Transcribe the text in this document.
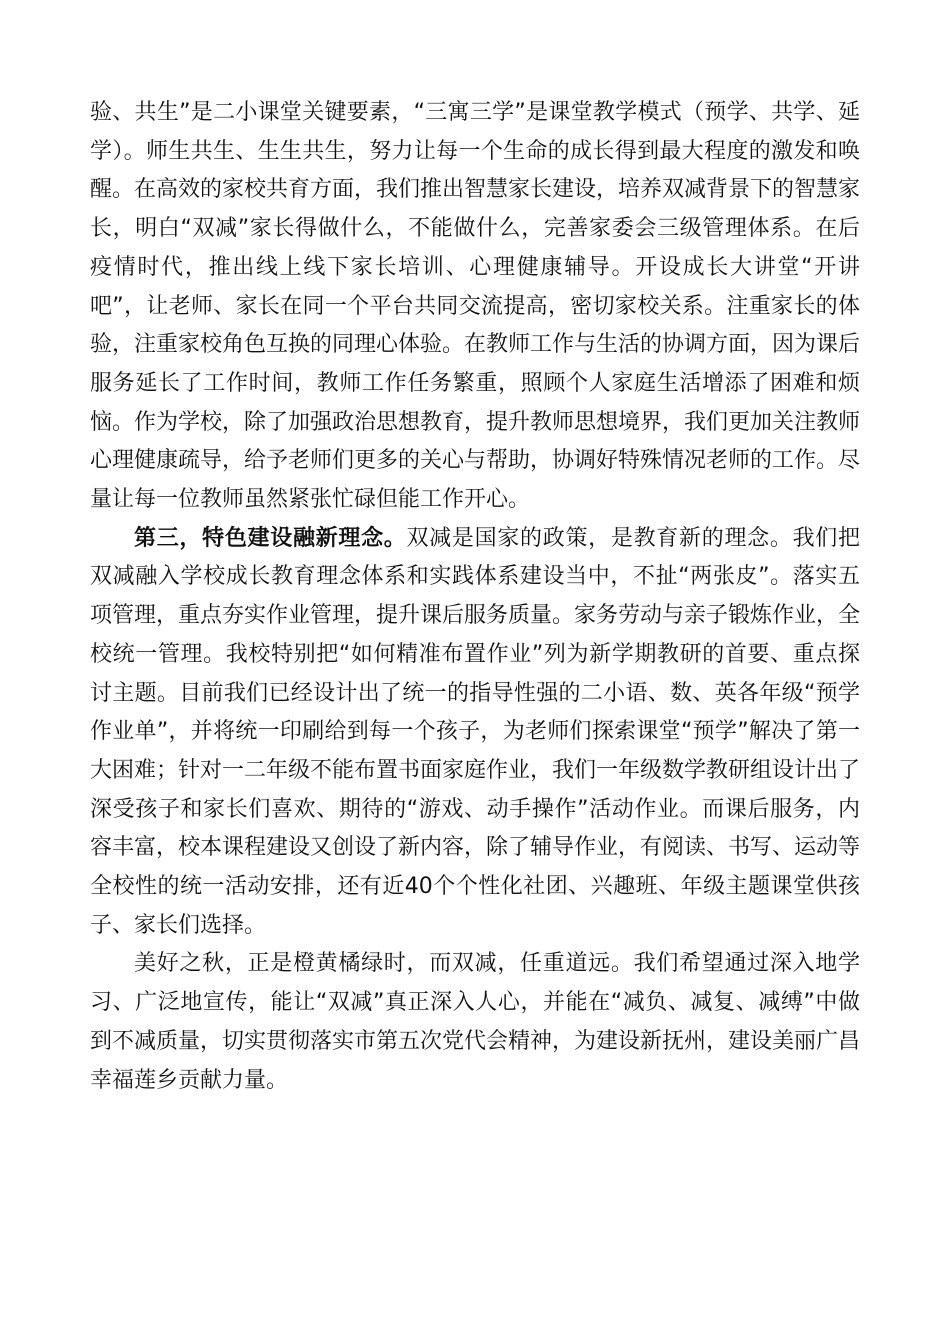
验、共生”是二小课堂关键要素，“三寓三学”是课堂教学模式（预学、共学、延学）。师生共生、生生共生，努力让每一个生命的成长得到最大程度的激发和唤醒。在高效的家校共育方面，我们推出智慧家长建设，培养双减背景下的智慧家长，明白“双减”家长得做什么，不能做什么，完善家委会三级管理体系。在后疫情时代，推出线上线下家长培训、心理健康辅导。开设成长大讲堂“开讲吧”，让老师、家长在同一个平台共同交流提高，密切家校关系。注重家长的体验，注重家校角色互换的同理心体验。在教师工作与生活的协调方面，因为课后服务延长了工作时间，教师工作任务繁重，照顾个人家庭生活增添了困难和烦恼。作为学校，除了加强政治思想教育，提升教师思想境界，我们更加关注教师心理健康疏导，给予老师们更多的关心与帮助，协调好特殊情况老师的工作。尽量让每一位教师虽然紧张忙碌但能工作开心。

第三，特色建设融新理念。双减是国家的政策，是教育新的理念。我们把双减融入学校成长教育理念体系和实践体系建设当中，不扯“两张皮”。落实五项管理，重点夯实作业管理，提升课后服务质量。家务劳动与亲子锻炼作业，全校统一管理。我校特别把“如何精准布置作业”列为新学期教研的首要、重点探讨主题。目前我们已经设计出了统一的指导性强的二小语、数、英各年级“预学作业单”，并将统一印刷给到每一个孩子，为老师们探索课堂“预学”解决了第一大困难；针对一二年级不能布置书面家庭作业，我们一年级数学教研组设计出了深受孩子和家长们喜欢、期待的“游戏、动手操作”活动作业。而课后服务，内容丰富，校本课程建设又创设了新内容，除了辅导作业，有阅读、书写、运动等全校性的统一活动安排，还有近40个个性化社团、兴趣班、年级主题课堂供孩子、家长们选择。

美好之秋，正是橙黄橘绿时，而双减，任重道远。我们希望通过深入地学习、广泛地宣传，能让“双减”真正深入人心，并能在“减负、减复、减缚”中做到不减质量，切实贯彻落实市第五次党代会精神，为建设新抚州，建设美丽广昌幸福莲乡贡献力量。
